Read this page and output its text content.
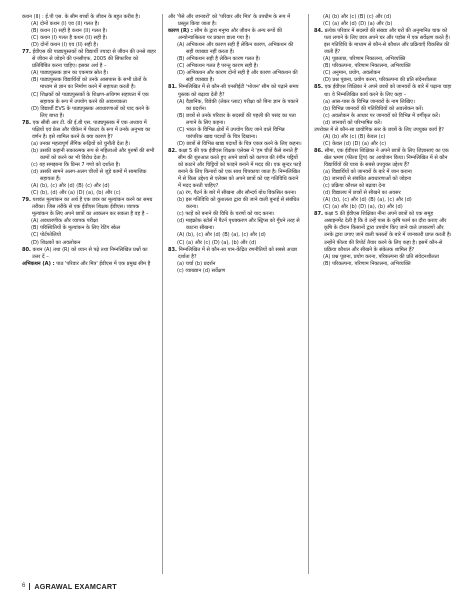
कथन (II) : ई.पी एस. के सीम बच्चों के जीवन के बहुत करीब है।

(A) दोनों कथन (I) एव (II) गलत है।

(B) कथन (I) सही है कथन (II) गलत है।

(C) कथन (I) गलत है कथन (II) सही है।

(D) दोनों कथन (I) एव (II) सही है।

77. ईवीएस की पाठ्यपुस्तकों को विद्यार्थी ज्यादा से जीवन की उनसे बाहर से जीवन से जोड़ने की एनसीएफ, 2005 की सिफारिश को प्रतिबिंबित करना चाहिए। इसका अर्थ है –

(A) पाठ्यपुस्तक ज्ञान का एकमात्र स्रोत है।

(B) पाठ्यपुस्तक विद्यार्थियों को उनके आसपास के सभी प्रोतों के माध्यम से ज्ञान का निर्माण करने में सहायता करती है।

(C) शिक्षकों को पाठ्यपुस्तकों के शिक्षण-अधिगम सहायता में एक सहायक के रूप में उपयोग करने की आवश्यकता

(D) विद्यार्थी EVS के पाठ्यपुस्तक अवधारणाओं को याद करने के लिए बाध्य है।

78. एक सीबी आर टी. की ई.बी एस. पाठ्यपुस्तक में एक अध्याय में पक्षियों एवं फ्रेस और चीकेन में पेंकटर के रूप में उनके अनुभव का वर्णन है। इसे शामिल करने के क्या कारण है?

(a) उनका महत्वपूर्ण लैंगिक रूढ़ियों को चुनौती देता है।

(b) उसकी कहानी सकारत्मक रूप से महिलाओं और पुरुषों की सभी कामों को करने का भी विरोध देता है।

(c) यह समझाना कि प्रिन्स 7 गणो को दर्शाता है।

(d) उसकी सामने अलग-अलग चीजों से जुड़े कामों में सामाजिक सहायता हैं।

(A) (b), (c) और (d) (B) (c) और (d)

(C) (b), (d) और (a) (D) (a), (b) और (c)

79. यशवंत मूल्यांकन का अर्थ है एक छात्र का मूल्यांकन करने का समग्र तरीका। जिस तरीके से एक ईवीएस शिक्षक ईवीएस। व्यापक मूल्यांकन के लिए अपने छात्रों का आकलन कर सकता है वह है –

(A) अवधारणीक और व्यापक परीक्षा

(B) परिस्थितियों के मूल्यांकन के लिए रेटिंग स्केल

(C) पोर्टफोलियो

(D) शिक्षकों का अवलोकन

80. कथन (A) तथा (R) को ध्यान से पढ़े तथा निम्नलिखित प्रश्नों का उत्तर दें –

अभिकथन (A) : पाठ 'परिवार और मित्र' ईवीएस में एक प्रमुख सीम है

और 'पैसे और जानवरों' को 'परिवार और मित्र' के उपधीम के रूप में प्रस्तुत किया जाता है।

कारण (R) : सीम के द्वारा मनुष्य और जीवन के अन्य रूपों की अन्योन्याश्रितता पर प्रकाश डाला गया है।

(A) अभिकथन और कारण सही हैं लेकिन कारण, अभिकथन की सही व्याख्या नहीं करता है।

(B) अभिकथन सही है लेकिन कारण गलत है।

(C) अभिकथन गलत है परन्तु कारण सही है।

(D) अभिकथन और कारण दोनों सही है और कारण अभिकथन की सही व्याख्या है।

81. निम्नलिखित में से कौन-सी एनसीईटी 'भोजन' सीम को पढ़ाने समय पुस्तक को बढ़ावा देती है?

(A) वैज्ञानिक, विवेकी (लेकर प्लाट) परीक्षा को बिना ज्ञान के पकाने का प्रदर्शन।

(B) छात्रों से उनके परिवार के सदस्यों की पहली की पसंद का पता लगाने के लिए कहना।

(C) भारत के विभिन्न क्षेत्रों में उपयोग किए जाने वाले विभिन्न पारंपरिक खाद्य पदार्थों के चित्र दिखाना।

(D) छात्रों से विभिन्न खाद्य पदार्थों के चित्र एकत्र करने के लिए कहना।

82. कक्षा 5 की एक ईवीएस शिक्षक एलेक्स ने 'हम चीज़ें कैसे बनाते हैं' सीम की शुरुआत करते हुए अपने छात्रों को कागज की रंगीन पट्टियों को काटने और चिट्टियों को फाड़ने बनाने में मदद की। एक सुन्दर फाड़ें बनाने के लिए किनारों को एक साथ चिपकाया जाता है। निम्नलिखित में से किस उद्देश्य से एलेक्स को अपने छात्रों को यह गतिविधि कराने में मदद करती चाहिए?

(a) रंग, पैटर्न के बारे में सीखना और सौन्दर्य बोध विकसित करना।

(b) इस गतिविधि को कुशलता द्वारा की जाने वाली बुनाई से संबंधित करना।

(c) फाड़ें को बनाने की विधि के चरणों को याद करना।

(d) माइक्रोफ़ स्टोर्स में पैटर्न पृथक्करण और स्ट्रिप्स को गूँथने तरह से काटना सीखना।

(A) (b), (c) और (d) (B) (a), (c) और (d)

(C) (a) और (c) (D) (a), (b) और (d)

83. निम्नलिखित में से कौन-सा पान-केंद्रित रणनीतियों को सबसे अच्छा दर्शाता है?

(a) चर्चा (b) प्रदर्शन

(c) व्याख्यान (d) सर्वेक्षण

(A) (b) और (c) (B) (c) और (d)

(C) (a) और (d) (D) (a) और (b)

84. प्रत्येक परिवार में सदस्यों की संख्या और घरों की अनुमानित चाक को पता लगाने के लिए छात्र अपने घर और पड़ोस में एक सर्वेक्षण करते हैं। इस गतिविधि के माध्यम से कौन-से कौशल और प्रक्रियाएँ विकसित की जाती हैं?

(A) पूछताछ, परिणाम निकालना, अभिव्यक्ति

(B) परिकल्पना, परिणाम निकालना, अभिव्यक्ति

(C) अनुमान, प्रयोग, अवलोकन

(D) प्रश्न पूछना, प्रयोग करना, परिकल्पना की प्रति संदेनशीलता

85. एक ईवीएस शिक्षिका ने अपने छात्रों को जानवरों के बारे में पढ़ाना चाहा था। वे निम्नलिखित कार्य करने के लिए कहा –

(a) आस-पास के विभिन्न जानवरों के नाम लिखिए।

(b) विभिन्न जानवरों की गतिविधियों को अवलोकन करें।

(c) अवलोकन के आधार पर जानवरों को विभिन्न में वर्गीकृत करें।

(d) जानवरों को परिभाषित करें।

उपरोक्त में से कौन-सा प्रायोगिक स्तर के छात्रों के लिए उपयुक्त कार्य है?

(A) (b) और (c) (B) केवल (c)

(C) केवल (d) (D) (a) और (c)

86. सीमा, एक ईवीएस शिक्षिका ने अपने छात्रों के लिए जिज्ञासाएं का एक खेल भ्रमण (फील्ड ट्रिप) का आयोजन किया। निम्नलिखित में से कौन विद्यार्थियों की यात्रा के सबसे उपयुक्त उद्देश्य हैं?

(a) विद्यार्थियों को जानवरों के बारे में जान कराना

(b) जानवरों से संबंधित अवधारणाओं को जोड़ना

(c) प्रक्रिया कौशल को बढ़ावा देना

(d) विद्यालय में छात्रों से सीखने का अवसर

(A) (b), (c) और (d) (B) (a), (c) और (d)

(C) (a) और (b) (D) (a), (b) और (d)

87. कक्षा 5 की ईवीएस शिक्षिका नीना अपने छात्रों को एक समूह असाइनमेंट देती है कि वे उन्हें पास के कृषि फार्म का दौरा कराए और कृषि के दौरान किसानों द्वारा उपयोग किए जाने वाले उपकरणों और उनके द्वारा उगाए जाने वाली फसलों के बारे में जानकारी प्राप्त करती है। उन्होंने फील्ड की रिपोर्ट तैयार करने के लिए कहा है। इसमें कौन-से प्रक्रिया कौशल और सीखने के संकेतक शामिल हैं?

(A) प्रश्न पूछना, प्रयोग करना, परिकल्पना की प्रति संवेदनशीलता

(B) परिकल्पना, परिणाम निकालना, अभिव्यक्ति

6 AGRAWAL EXAMCART
